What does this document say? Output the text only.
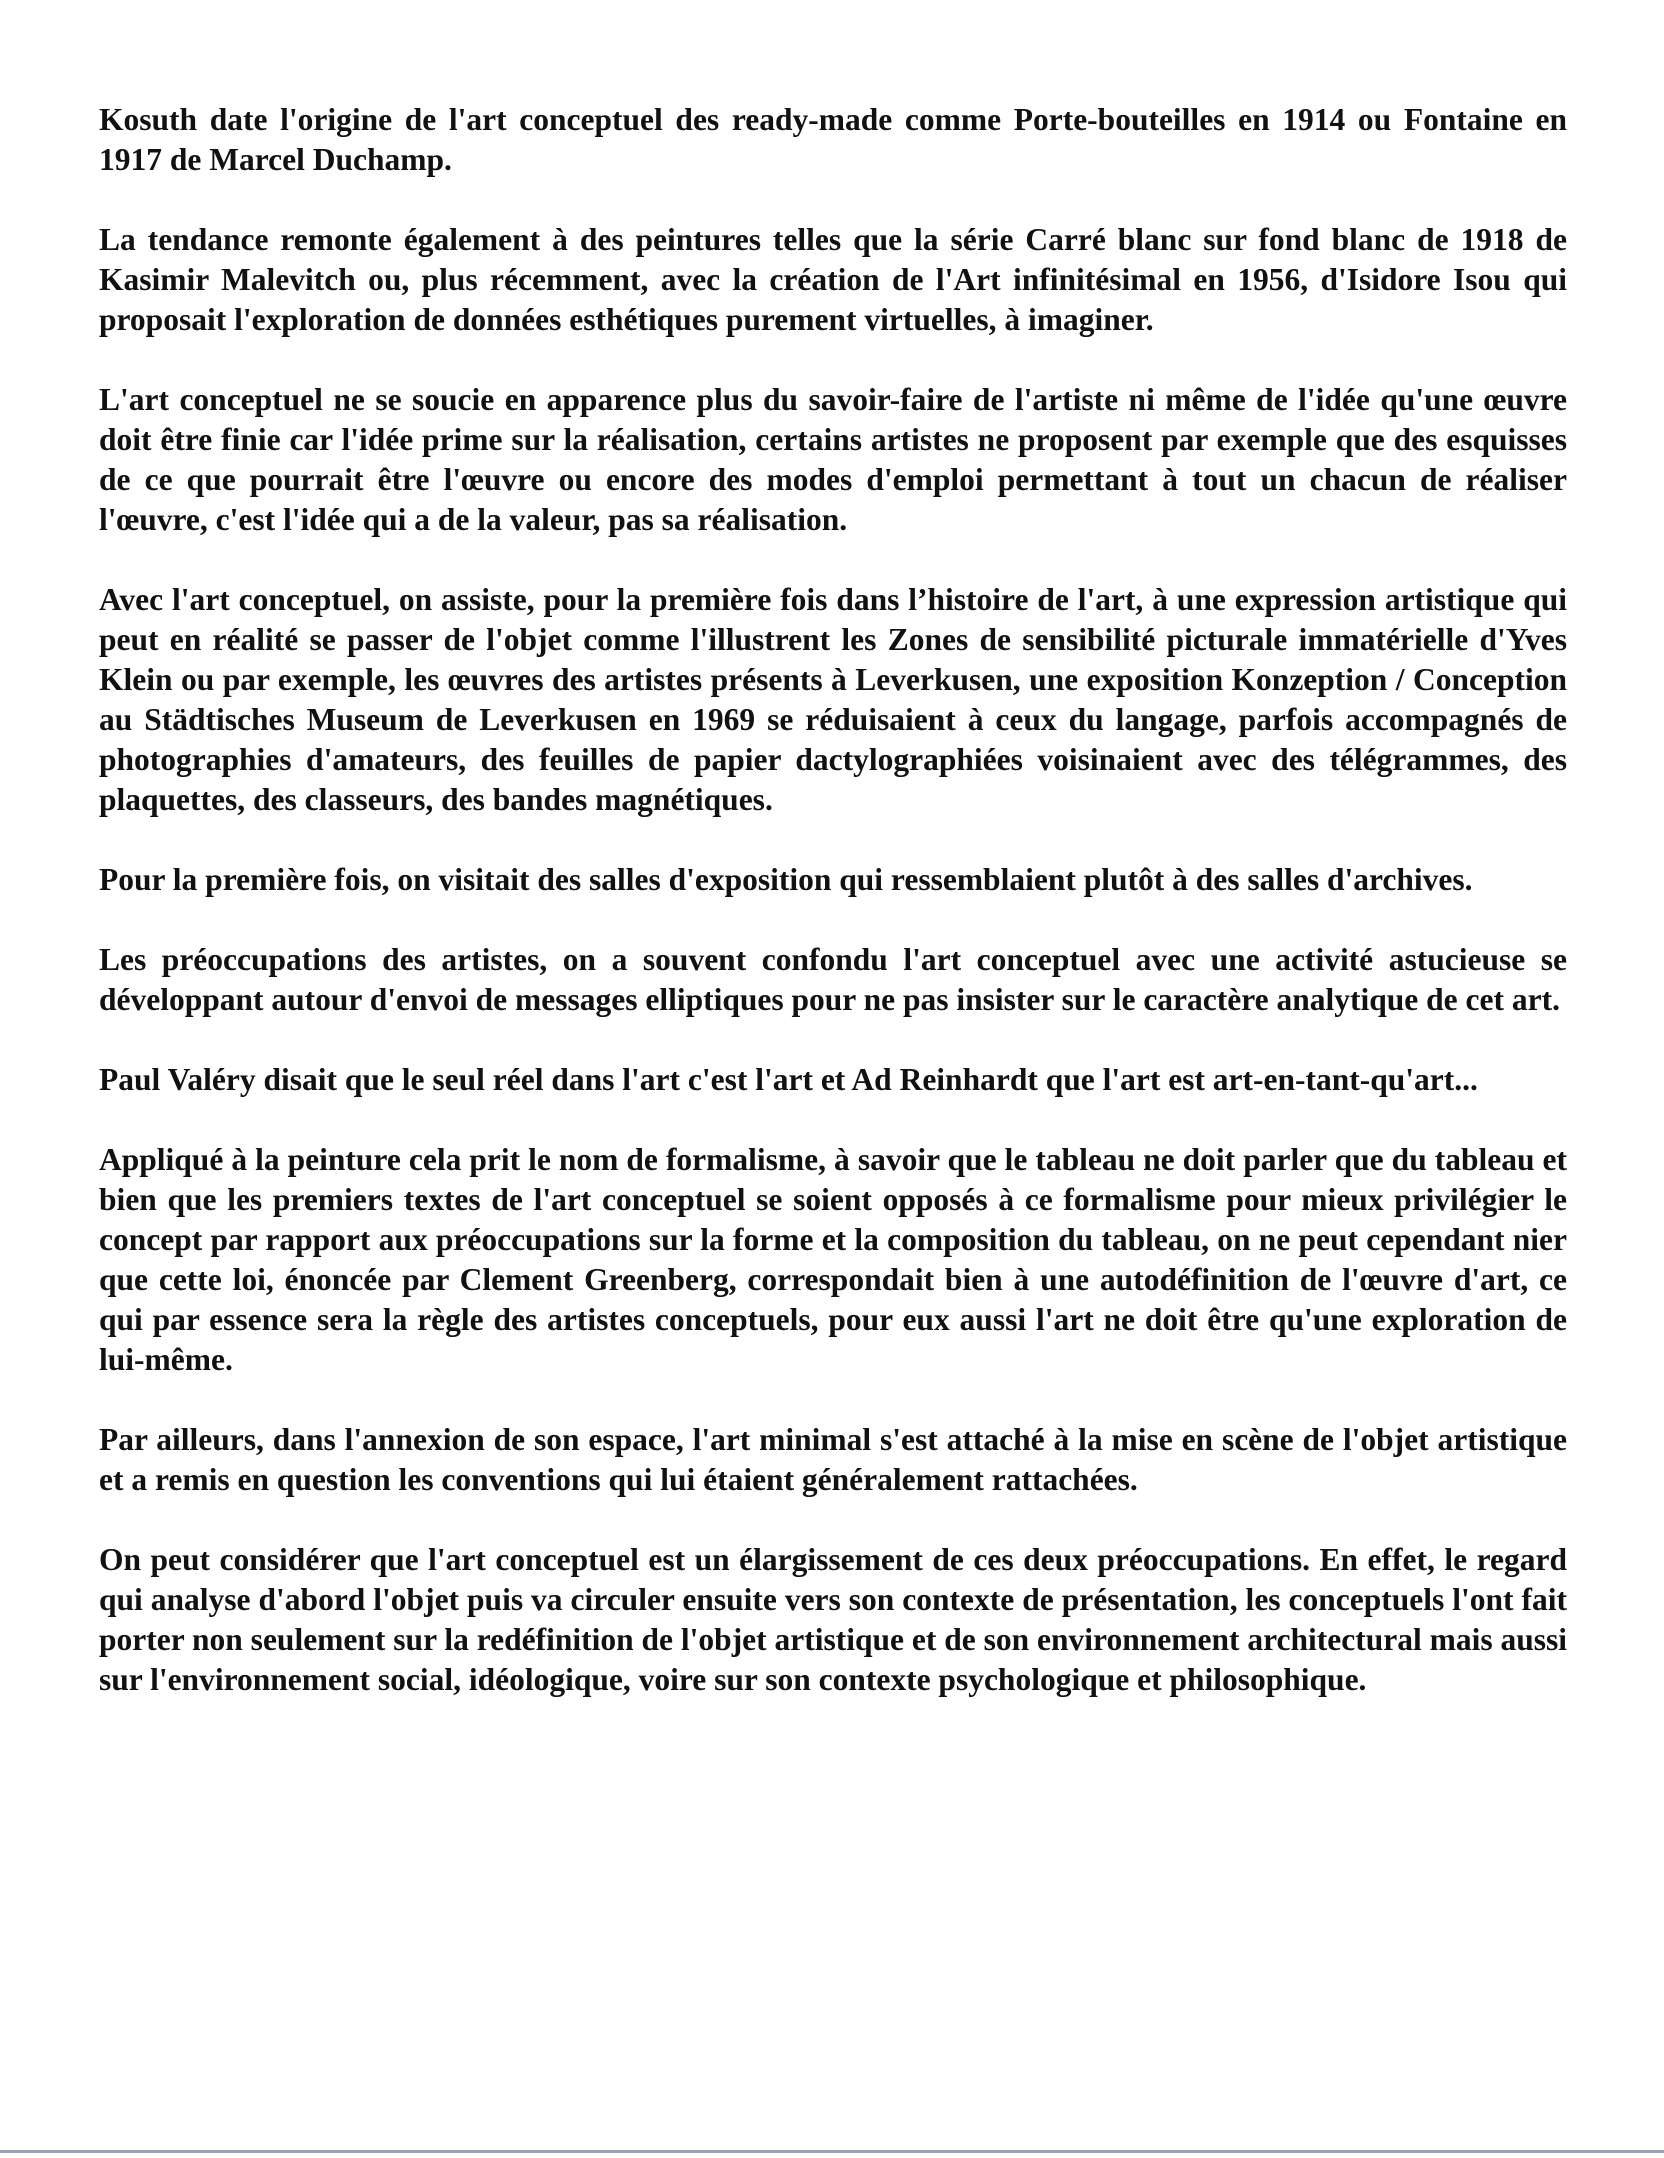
Kosuth date l'origine de l'art conceptuel des ready-made comme Porte-bouteilles en 1914 ou Fontaine en 1917 de Marcel Duchamp.

La tendance remonte également à des peintures telles que la série Carré blanc sur fond blanc de 1918 de Kasimir Malevitch ou, plus récemment, avec la création de l'Art infinitésimal en 1956, d'Isidore Isou qui proposait l'exploration de données esthétiques purement virtuelles, à imaginer.

L'art conceptuel ne se soucie en apparence plus du savoir-faire de l'artiste ni même de l'idée qu'une œuvre doit être finie car l'idée prime sur la réalisation, certains artistes ne proposent par exemple que des esquisses de ce que pourrait être l'œuvre ou encore des modes d'emploi permettant à tout un chacun de réaliser l'œuvre, c'est l'idée qui a de la valeur, pas sa réalisation.

Avec l'art conceptuel, on assiste, pour la première fois dans l’histoire de l'art, à une expression artistique qui peut en réalité se passer de l'objet comme l'illustrent les Zones de sensibilité picturale immatérielle d'Yves Klein ou par exemple, les œuvres des artistes présents à Leverkusen, une exposition Konzeption / Conception au Städtisches Museum de Leverkusen en 1969 se réduisaient à ceux du langage, parfois accompagnés de photographies d'amateurs, des feuilles de papier dactylographiées voisinaient avec des télégrammes, des plaquettes, des classeurs, des bandes magnétiques.

Pour la première fois, on visitait des salles d'exposition qui ressemblaient plutôt à des salles d'archives.

Les préoccupations des artistes, on a souvent confondu l'art conceptuel avec une activité astucieuse se développant autour d'envoi de messages elliptiques pour ne pas insister sur le caractère analytique de cet art.

Paul Valéry disait que le seul réel dans l'art c'est l'art et Ad Reinhardt que l'art est art-en-tant-qu'art...

Appliqué à la peinture cela prit le nom de formalisme, à savoir que le tableau ne doit parler que du tableau et bien que les premiers textes de l'art conceptuel se soient opposés à ce formalisme pour mieux privilégier le concept par rapport aux préoccupations sur la forme et la composition du tableau, on ne peut cependant nier que cette loi, énoncée par Clement Greenberg, correspondait bien à une autodéfinition de l'œuvre d'art, ce qui par essence sera la règle des artistes conceptuels, pour eux aussi l'art ne doit être qu'une exploration de lui-même.

Par ailleurs, dans l'annexion de son espace, l'art minimal s'est attaché à la mise en scène de l'objet artistique et a remis en question les conventions qui lui étaient généralement rattachées.

On peut considérer que l'art conceptuel est un élargissement de ces deux préoccupations. En effet, le regard qui analyse d'abord l'objet puis va circuler ensuite vers son contexte de présentation, les conceptuels l'ont fait porter non seulement sur la redéfinition de l'objet artistique et de son environnement architectural mais aussi sur l'environnement social, idéologique, voire sur son contexte psychologique et philosophique.
